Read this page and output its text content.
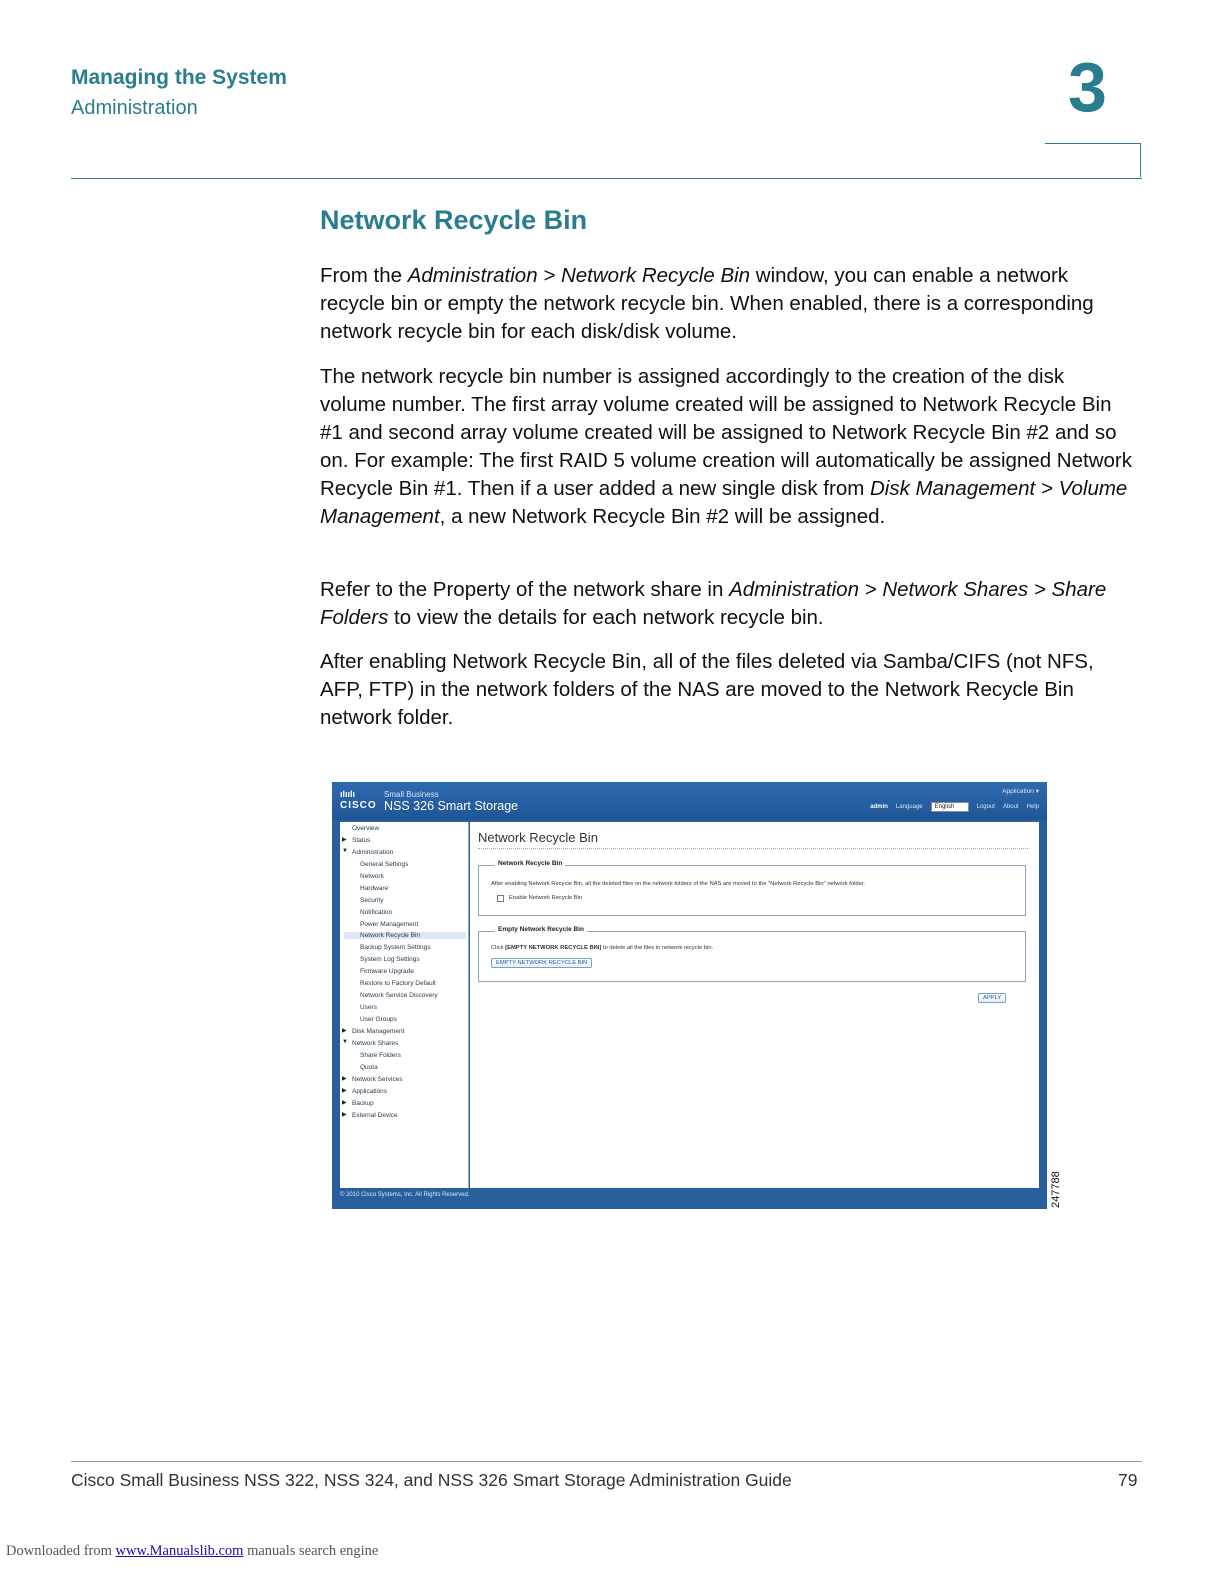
Managing the System
Administration	3
Network Recycle Bin
From the Administration > Network Recycle Bin window, you can enable a network recycle bin or empty the network recycle bin. When enabled, there is a corresponding network recycle bin for each disk/disk volume.
The network recycle bin number is assigned accordingly to the creation of the disk volume number. The first array volume created will be assigned to Network Recycle Bin #1 and second array volume created will be assigned to Network Recycle Bin #2 and so on. For example: The first RAID 5 volume creation will automatically be assigned Network Recycle Bin #1. Then if a user added a new single disk from Disk Management > Volume Management, a new Network Recycle Bin #2 will be assigned.
Refer to the Property of the network share in Administration > Network Shares > Share Folders to view the details for each network recycle bin.
After enabling Network Recycle Bin, all of the files deleted via Samba/CIFS (not NFS, AFP, FTP) in the network folders of the NAS are moved to the Network Recycle Bin network folder.
ılıılı
CISCO
Small Business
NSS 326 Smart Storage
Application ▾
admin Language	English	Logout About Help
Overview
▶ Status
▼ Administration
General Settings
Network
Hardware
Security
Notification
Power Management
Network Recycle Bin
Backup System Settings
System Log Settings
Firmware Upgrade
Restore to Factory Default
Network Service Discovery
Users
User Groups
▶ Disk Management
▼ Network Shares
Share Folders
Quota
▶ Network Services
▶ Applications
▶ Backup
▶ External Device
Network Recycle Bin
Network Recycle Bin
After enabling Network Recycle Bin, all the deleted files on the network folders of the NAS are moved to the "Network Recycle Bin" network folder.
Enable Network Recycle Bin
Empty Network Recycle Bin
Click [EMPTY NETWORK RECYCLE BIN] to delete all the files in network recycle bin.
EMPTY NETWORK RECYCLE BIN
APPLY
© 2010 Cisco Systems, Inc. All Rights Reserved.	247788
Cisco Small Business NSS 322, NSS 324, and NSS 326 Smart Storage Administration Guide	79
Downloaded from www.Manualslib.com manuals search engine
